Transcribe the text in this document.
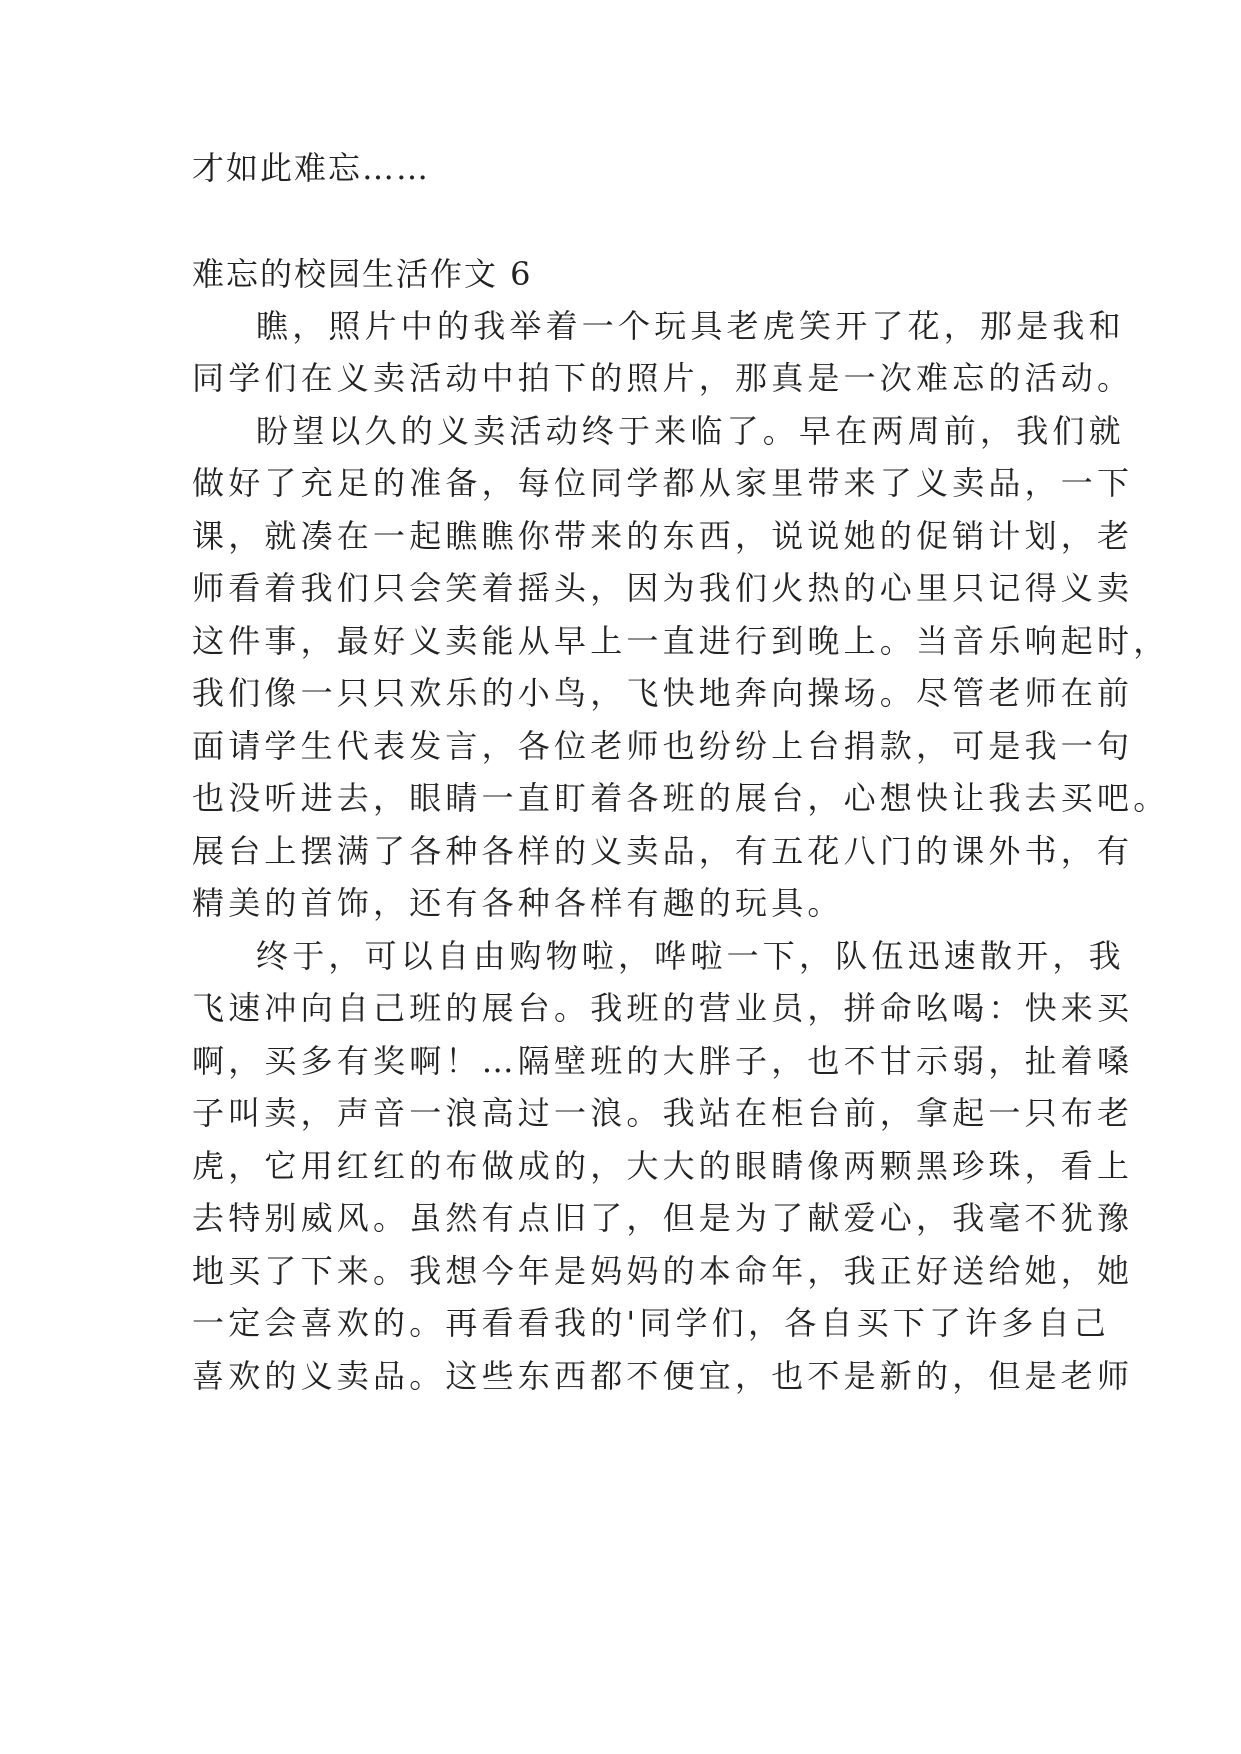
才如此难忘……
难忘的校园生活作文 6
瞧，照片中的我举着一个玩具老虎笑开了花，那是我和
同学们在义卖活动中拍下的照片，那真是一次难忘的活动。
盼望以久的义卖活动终于来临了。早在两周前，我们就
做好了充足的准备，每位同学都从家里带来了义卖品，一下
课，就凑在一起瞧瞧你带来的东西，说说她的促销计划，老
师看着我们只会笑着摇头，因为我们火热的心里只记得义卖
这件事，最好义卖能从早上一直进行到晚上。当音乐响起时，
我们像一只只欢乐的小鸟，飞快地奔向操场。尽管老师在前
面请学生代表发言，各位老师也纷纷上台捐款，可是我一句
也没听进去，眼睛一直盯着各班的展台，心想快让我去买吧。
展台上摆满了各种各样的义卖品，有五花八门的课外书，有
精美的首饰，还有各种各样有趣的玩具。
终于，可以自由购物啦，哗啦一下，队伍迅速散开，我
飞速冲向自己班的展台。我班的营业员，拼命吆喝：快来买
啊，买多有奖啊！…隔壁班的大胖子，也不甘示弱，扯着嗓
子叫卖，声音一浪高过一浪。我站在柜台前，拿起一只布老
虎，它用红红的布做成的，大大的眼睛像两颗黑珍珠，看上
去特别威风。虽然有点旧了，但是为了献爱心，我毫不犹豫
地买了下来。我想今年是妈妈的本命年，我正好送给她，她
一定会喜欢的。再看看我的'同学们，各自买下了许多自己
喜欢的义卖品。这些东西都不便宜，也不是新的，但是老师
